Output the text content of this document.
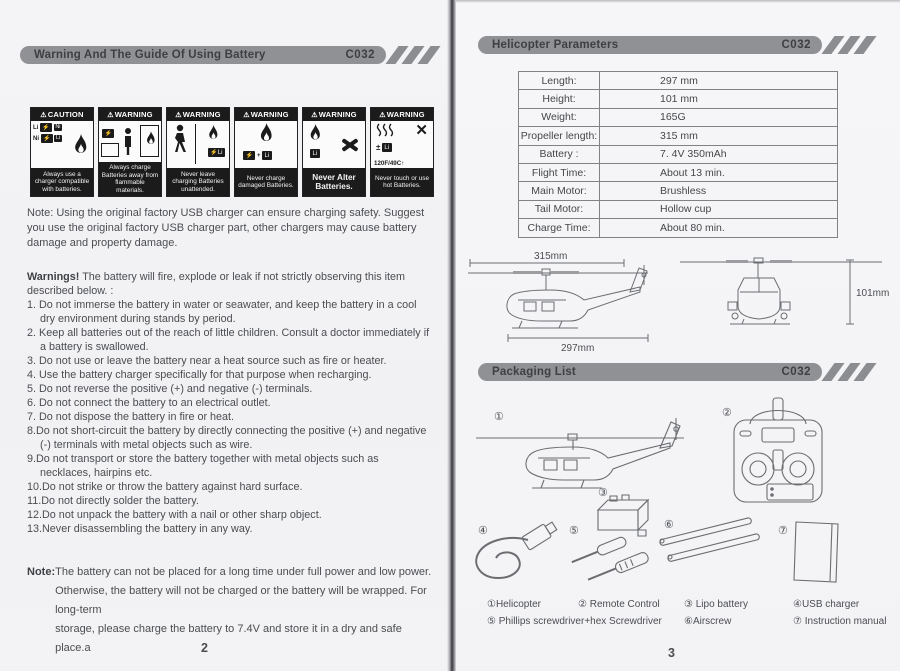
Warning And The Guide Of Using Battery	C032
⚠CAUTION
Li ⚡ Ni
Ni ⚡ Li
Always use a charger compatible with batteries.
⚠WARNING
⚡
Always charge Batteries away from flammable materials.
⚠WARNING
⚡ Li
Never leave charging Batteries unattended.
⚠WARNING
⚡ + Li
Never charge damaged Batteries.
⚠WARNING
Li
Never Alter Batteries.
⚠WARNING
✕
± Li
120F/49C↑
Never touch or use hot Batteries.
Note: Using the original factory USB charger can ensure charging safety. Suggest you use the original factory USB charger part, other chargers may cause battery damage and property damage.
Warnings! The battery will fire, explode or leak if not strictly observing this item described below. :
1. Do not immerse the battery in water or seawater, and keep the battery in a cool dry environment during stands by period.
2. Keep all batteries out of the reach of little children. Consult a doctor immediately if a battery is swallowed.
3. Do not use or leave the battery near a heat source such as fire or heater.
4. Use the battery charger specifically for that purpose when recharging.
5. Do not reverse the positive (+) and negative (-) terminals.
6. Do not connect the battery to an electrical outlet.
7. Do not dispose the battery in fire or heat.
8.Do not short-circuit the battery by directly connecting the positive (+) and negative (-) terminals with metal objects such as wire.
9.Do not transport or store the battery together with metal objects such as necklaces, hairpins etc.
10.Do not strike or throw the battery against hard surface.
11.Do not directly solder the battery.
12.Do not unpack the battery with a nail or other sharp object.
13.Never disassembling the battery in any way.
Note: The battery can not be placed for a long time under full power and low power.
Otherwise, the battery will not be charged or the battery will be wrapped. For long-term
storage, please charge the battery to 7.4V and store it in a dry and safe place.a	2
Helicopter Parameters	C032
Length:	297 mm
Height:	101 mm
Weight:	165G
Propeller length:	315 mm
Battery :	7. 4V 350mAh
Flight Time:	About 13 min.
Main Motor:	Brushless
Tail Motor:	Hollow cup
Charge Time:	About 80 min.
315mm
297mm
101mm
Packaging List	C032
①	②
③
④	⑤	⑥	⑦
①Helicopter	② Remote Control ③ Lipo battery	④USB charger
⑤ Phillips screwdriver+hex Screwdriver ⑥Airscrew	⑦ Instruction manual
3
